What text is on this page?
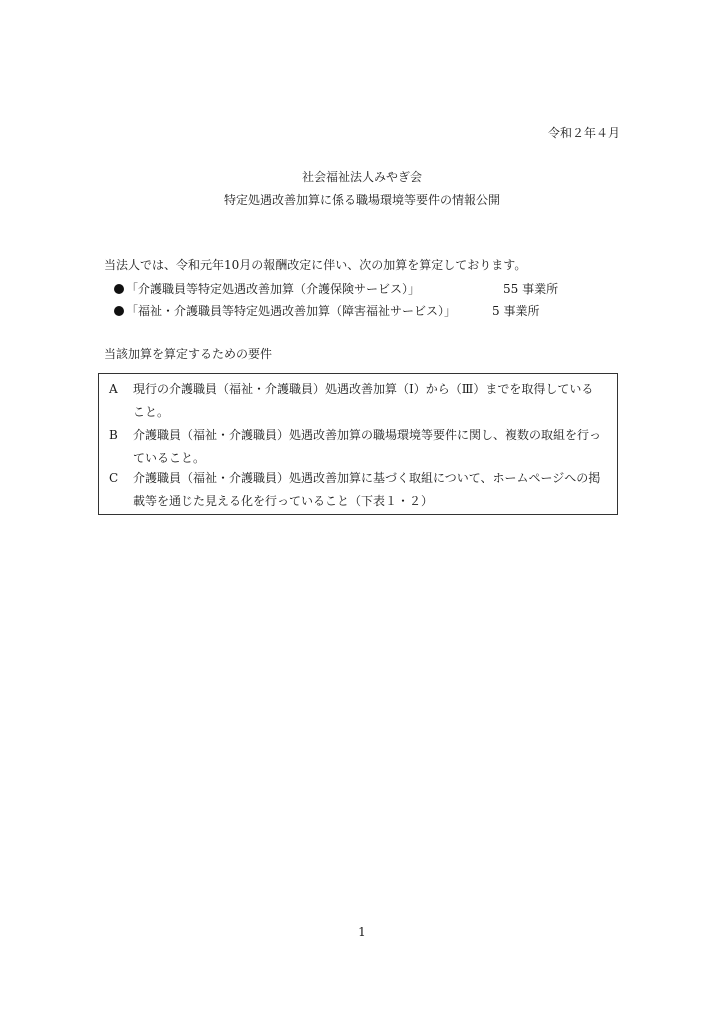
令和２年４月
社会福祉法人みやぎ会
特定処遇改善加算に係る職場環境等要件の情報公開
当法人では、令和元年10月の報酬改定に伴い、次の加算を算定しております。
「介護職員等特定処遇改善加算（介護保険サービス）」	55 事業所
「福祉・介護職員等特定処遇改善加算（障害福祉サービス）」	5 事業所
当該加算を算定するための要件
A	現行の介護職員（福祉・介護職員）処遇改善加算（Ⅰ）から（Ⅲ）までを取得していること。
B	介護職員（福祉・介護職員）処遇改善加算の職場環境等要件に関し、複数の取組を行っていること。
C	介護職員（福祉・介護職員）処遇改善加算に基づく取組について、ホームページへの掲載等を通じた見える化を行っていること（下表１・２）
1
